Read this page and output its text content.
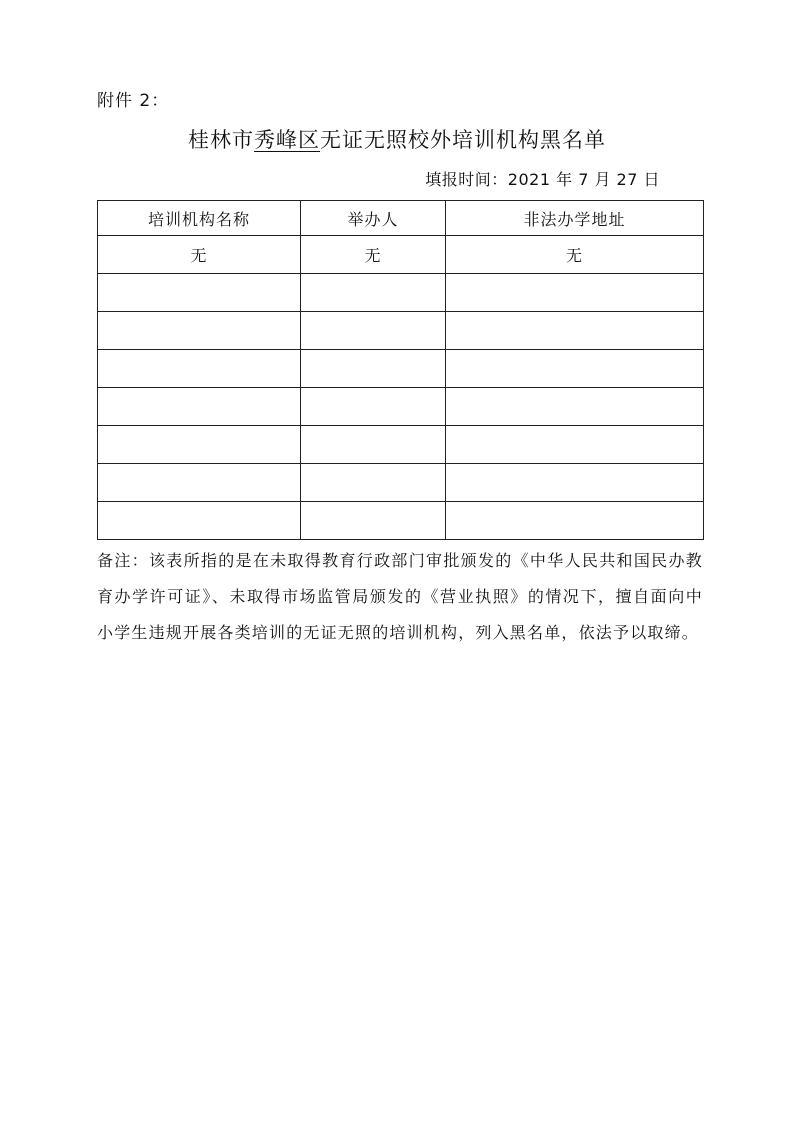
附件 2：
桂林市秀峰区无证无照校外培训机构黑名单
填报时间：2021 年 7 月 27 日
培训机构名称	举办人	非法办学地址
无	无	无

备注：该表所指的是在未取得教育行政部门审批颁发的《中华人民共和国民办教育办学许可证》、未取得市场监管局颁发的《营业执照》的情况下，擅自面向中小学生违规开展各类培训的无证无照的培训机构，列入黑名单，依法予以取缔。
